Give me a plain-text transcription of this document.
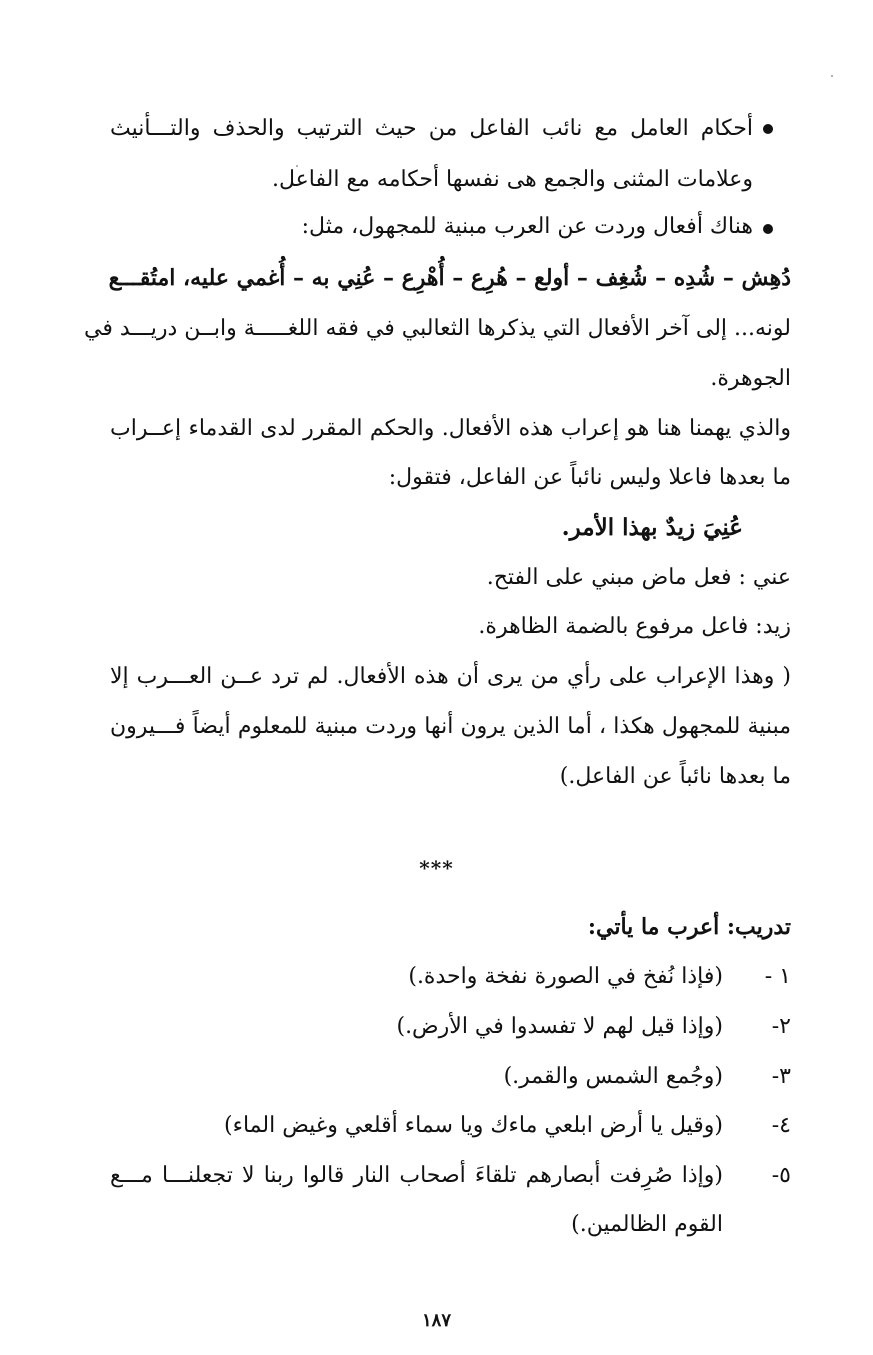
أحكام العامل مع نائب الفاعل من حيث الترتيب والحذف والتـــأنيث
وعلامات المثنى والجمع هى نفسها أحكامه مع الفاعل.
هناك أفعال وردت عن العرب مبنية للمجهول، مثل:
دُهِش – شُدِه – شُغِف – أولع – هُرِع – أُهْرِع – عُنِي به – أُغمي عليه، امتُقـــع
لونه... إلى آخر الأفعال التي يذكرها الثعالبي في فقه اللغـــــة وابــن دريـــد في
الجوهرة.
والذي يهمنا هنا هو إعراب هذه الأفعال. والحكم المقرر لدى القدماء إعــراب
ما بعدها فاعلا وليس نائباً عن الفاعل، فتقول:
عُنِيَ زيدٌ بهذا الأمر.
عني : فعل ماض مبني على الفتح.
زيد: فاعل مرفوع بالضمة الظاهرة.
( وهذا الإعراب على رأي من يرى أن هذه الأفعال. لم ترد عــن العـــرب إلا
مبنية للمجهول هكذا ، أما الذين يرون أنها وردت مبنية للمعلوم أيضاً فـــيرون
ما بعدها نائباً عن الفاعل.)
***
تدريب: أعرب ما يأتي:
١ -
(فإذا نُفخ في الصورة نفخة واحدة.)
٢-
(وإذا قيل لهم لا تفسدوا في الأرض.)
٣-
(وجُمع الشمس والقمر.)
٤-
(وقيل يا أرض ابلعي ماءك ويا سماء أقلعي وغيض الماء)
٥-
(وإذا صُرِفت أبصارهم تلقاءَ أصحاب النار قالوا ربنا لا تجعلنـــا مـــع
القوم الظالمين.)
١٨٧
